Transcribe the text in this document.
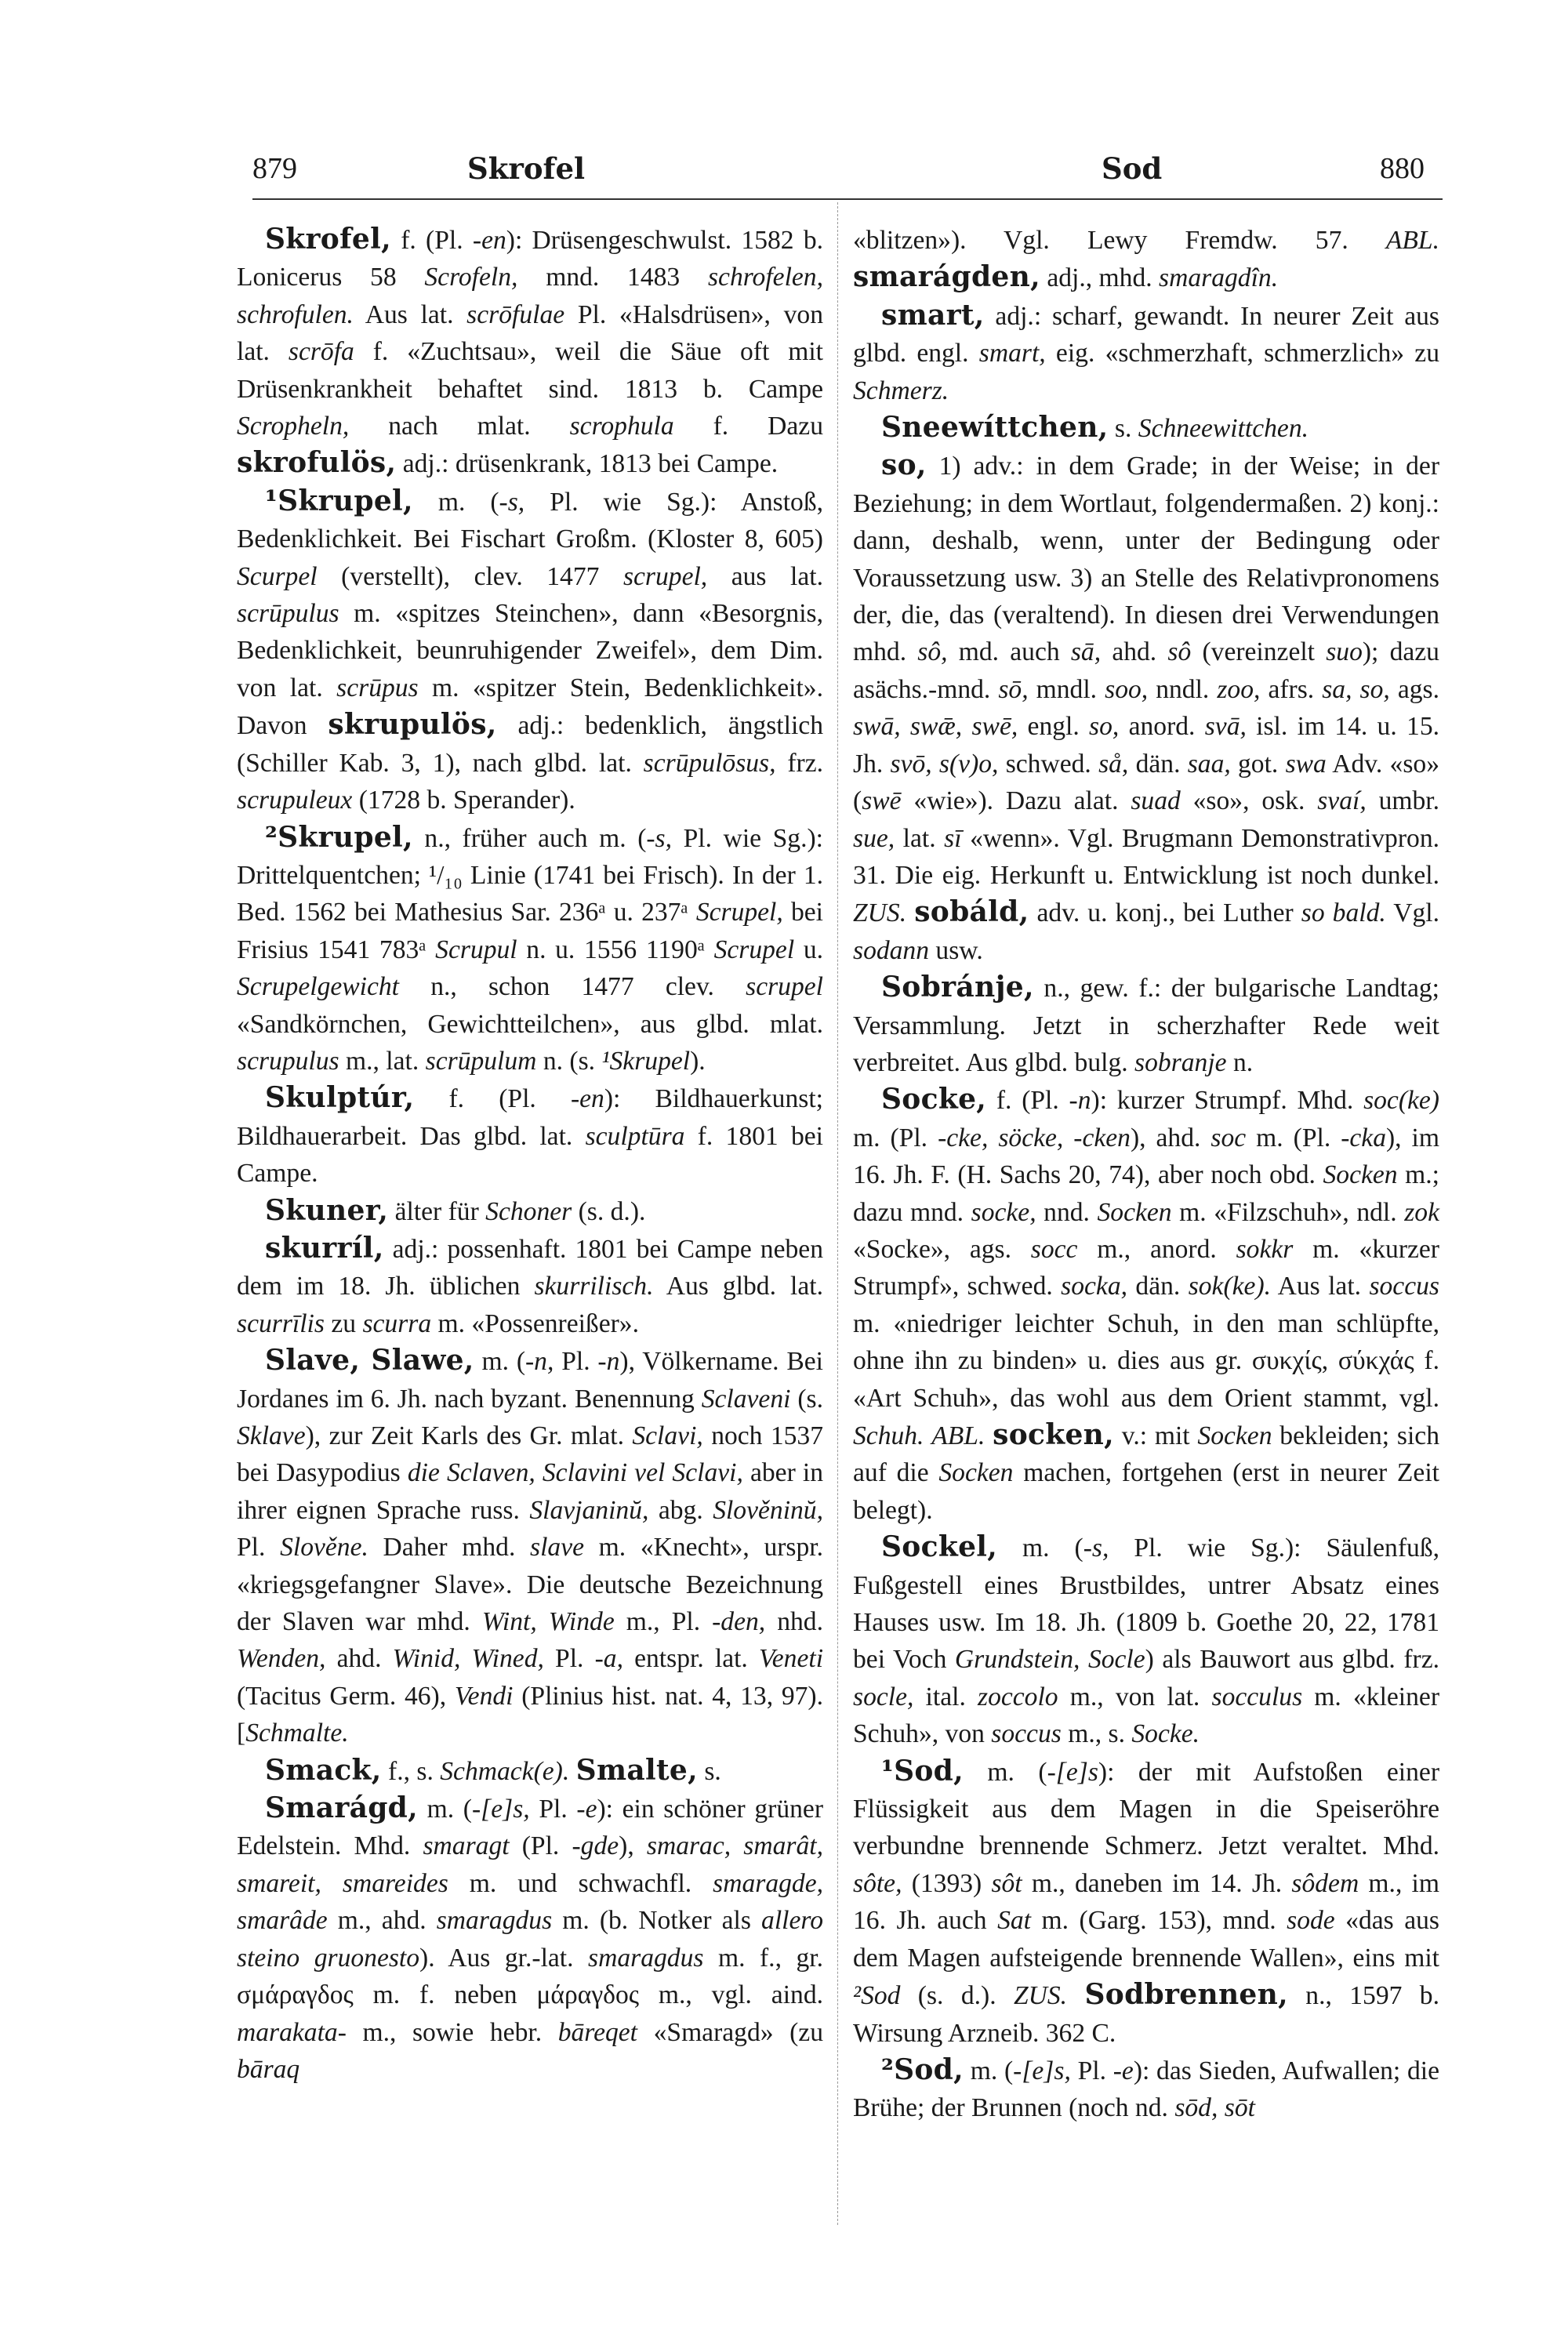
879	Skrofel	Sod	880

Skrofel, f. (Pl. -en): Drüsengeschwulst. 1582 b. Lonicerus 58 Scrofeln, mnd. 1483 schrofelen, schrofulen. Aus lat. scrōfulae Pl. «Halsdrüsen», von lat. scrōfa f. «Zuchtsau», weil die Säue oft mit Drüsenkrankheit behaftet sind. 1813 b. Campe Scropheln, nach mlat. scrophula f. Dazu skrofulös, adj.: drüsenkrank, 1813 bei Campe.

¹Skrupel, m. (-s, Pl. wie Sg.): Anstoß, Bedenklichkeit. Bei Fischart Großm. (Kloster 8, 605) Scurpel (verstellt), clev. 1477 scrupel, aus lat. scrūpulus m. «spitzes Steinchen», dann «Besorgnis, Bedenklichkeit, beunruhigender Zweifel», dem Dim. von lat. scrūpus m. «spitzer Stein, Bedenklichkeit». Davon skrupulös, adj.: bedenklich, ängstlich (Schiller Kab. 3, 1), nach glbd. lat. scrūpulōsus, frz. scrupuleux (1728 b. Sperander).

²Skrupel, n., früher auch m. (-s, Pl. wie Sg.): Drittelquentchen; ¹/₁₀ Linie (1741 bei Frisch). In der 1. Bed. 1562 bei Mathesius Sar. 236ᵃ u. 237ᵃ Scrupel, bei Frisius 1541 783ᵃ Scrupul n. u. 1556 1190ᵃ Scrupel u. Scrupelgewicht n., schon 1477 clev. scrupel «Sandkörnchen, Gewichtteilchen», aus glbd. mlat. scrupulus m., lat. scrūpulum n. (s. ¹Skrupel).

Skulptúr, f. (Pl. -en): Bildhauerkunst; Bildhauerarbeit. Das glbd. lat. sculptūra f. 1801 bei Campe.

Skuner, älter für Schoner (s. d.).

skurríl, adj.: possenhaft. 1801 bei Campe neben dem im 18. Jh. üblichen skurrilisch. Aus glbd. lat. scurrīlis zu scurra m. «Possenreißer».

Slave, Slawe, m. (-n, Pl. -n), Völkername. Bei Jordanes im 6. Jh. nach byzant. Benennung Sclaveni (s. Sklave), zur Zeit Karls des Gr. mlat. Sclavi, noch 1537 bei Dasypodius die Sclaven, Sclavini vel Sclavi, aber in ihrer eignen Sprache russ. Slavjaninŭ, abg. Slověninŭ, Pl. Slověne. Daher mhd. slave m. «Knecht», urspr. «kriegsgefangner Slave». Die deutsche Bezeichnung der Slaven war mhd. Wint, Winde m., Pl. -den, nhd. Wenden, ahd. Winid, Wined, Pl. -a, entspr. lat. Veneti (Tacitus Germ. 46), Vendi (Plinius hist. nat. 4, 13, 97). [Schmalte.

Smack, f., s. Schmack(e). Smalte, s.

Smarágd, m. (-[e]s, Pl. -e): ein schöner grüner Edelstein. Mhd. smaragt (Pl. -gde), smarac, smarât, smareit, smareides m. und schwachfl. smaragde, smarâde m., ahd. smaragdus m. (b. Notker als allero steino gruonesto). Aus gr.-lat. smaragdus m. f., gr. σμάραγδος m. f. neben μάραγδος m., vgl. aind. marakata- m., sowie hebr. bāreqet «Smaragd» (zu bāraq

«blitzen»). Vgl. Lewy Fremdw. 57. ABL. smarágden, adj., mhd. smaragdîn.

smart, adj.: scharf, gewandt. In neurer Zeit aus glbd. engl. smart, eig. «schmerzhaft, schmerzlich» zu Schmerz.

Sneewíttchen, s. Schneewittchen.

so, 1) adv.: in dem Grade; in der Weise; in der Beziehung; in dem Wortlaut, folgendermaßen. 2) konj.: dann, deshalb, wenn, unter der Bedingung oder Voraussetzung usw. 3) an Stelle des Relativpronomens der, die, das (veraltend). In diesen drei Verwendungen mhd. sô, md. auch sā, ahd. sô (vereinzelt suo); dazu asächs.-mnd. sō, mndl. soo, nndl. zoo, afrs. sa, so, ags. swā, swǣ, swē, engl. so, anord. svā, isl. im 14. u. 15. Jh. svō, s(v)o, schwed. så, dän. saa, got. swa Adv. «so» (swē «wie»). Dazu alat. suad «so», osk. svaí, umbr. sue, lat. sī «wenn». Vgl. Brugmann Demonstrativpron. 31. Die eig. Herkunft u. Entwicklung ist noch dunkel. ZUS. sobáld, adv. u. konj., bei Luther so bald. Vgl. sodann usw.

Sobránje, n., gew. f.: der bulgarische Landtag; Versammlung. Jetzt in scherzhafter Rede weit verbreitet. Aus glbd. bulg. sobranje n.

Socke, f. (Pl. -n): kurzer Strumpf. Mhd. soc(ke) m. (Pl. -cke, söcke, -cken), ahd. soc m. (Pl. -cka), im 16. Jh. F. (H. Sachs 20, 74), aber noch obd. Socken m.; dazu mnd. socke, nnd. Socken m. «Filzschuh», ndl. zok «Socke», ags. socc m., anord. sokkr m. «kurzer Strumpf», schwed. socka, dän. sok(ke). Aus lat. soccus m. «niedriger leichter Schuh, in den man schlüpfte, ohne ihn zu binden» u. dies aus gr. συκχίς, σύκχάς f. «Art Schuh», das wohl aus dem Orient stammt, vgl. Schuh. ABL. socken, v.: mit Socken bekleiden; sich auf die Socken machen, fortgehen (erst in neurer Zeit belegt).

Sockel, m. (-s, Pl. wie Sg.): Säulenfuß, Fußgestell eines Brustbildes, untrer Absatz eines Hauses usw. Im 18. Jh. (1809 b. Goethe 20, 22, 1781 bei Voch Grundstein, Socle) als Bauwort aus glbd. frz. socle, ital. zoccolo m., von lat. socculus m. «kleiner Schuh», von soccus m., s. Socke.

¹Sod, m. (-[e]s): der mit Aufstoßen einer Flüssigkeit aus dem Magen in die Speiseröhre verbundne brennende Schmerz. Jetzt veraltet. Mhd. sôte, (1393) sôt m., daneben im 14. Jh. sôdem m., im 16. Jh. auch Sat m. (Garg. 153), mnd. sode «das aus dem Magen aufsteigende brennende Wallen», eins mit ²Sod (s. d.). ZUS. Sodbrennen, n., 1597 b. Wirsung Arzneib. 362 C.

²Sod, m. (-[e]s, Pl. -e): das Sieden, Aufwallen; die Brühe; der Brunnen (noch nd. sōd, sōt
